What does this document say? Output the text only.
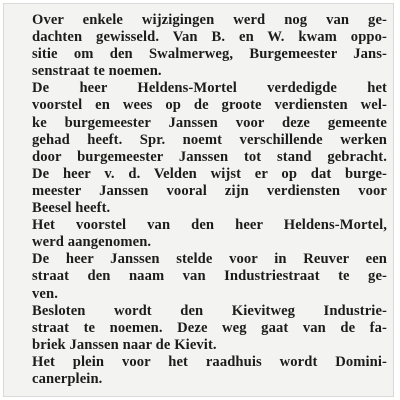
Over enkele wijzigingen werd nog van ge-
dachten gewisseld. Van B. en W. kwam oppo-
sitie om den Swalmerweg, Burgemeester Jans-
senstraat te noemen.
De heer Heldens-Mortel verdedigde het
voorstel en wees op de groote verdiensten wel-
ke burgemeester Janssen voor deze gemeente
gehad heeft. Spr. noemt verschillende werken
door burgemeester Janssen tot stand gebracht.
De heer v. d. Velden wijst er op dat burge-
meester Janssen vooral zijn verdiensten voor
Beesel heeft.
Het voorstel van den heer Heldens-Mortel,
werd aangenomen.
De heer Janssen stelde voor in Reuver een
straat den naam van Industriestraat te ge-
ven.
Besloten wordt den Kievitweg Industrie-
straat te noemen. Deze weg gaat van de fa-
briek Janssen naar de Kievit.
Het plein voor het raadhuis wordt Domini-
canerplein.
